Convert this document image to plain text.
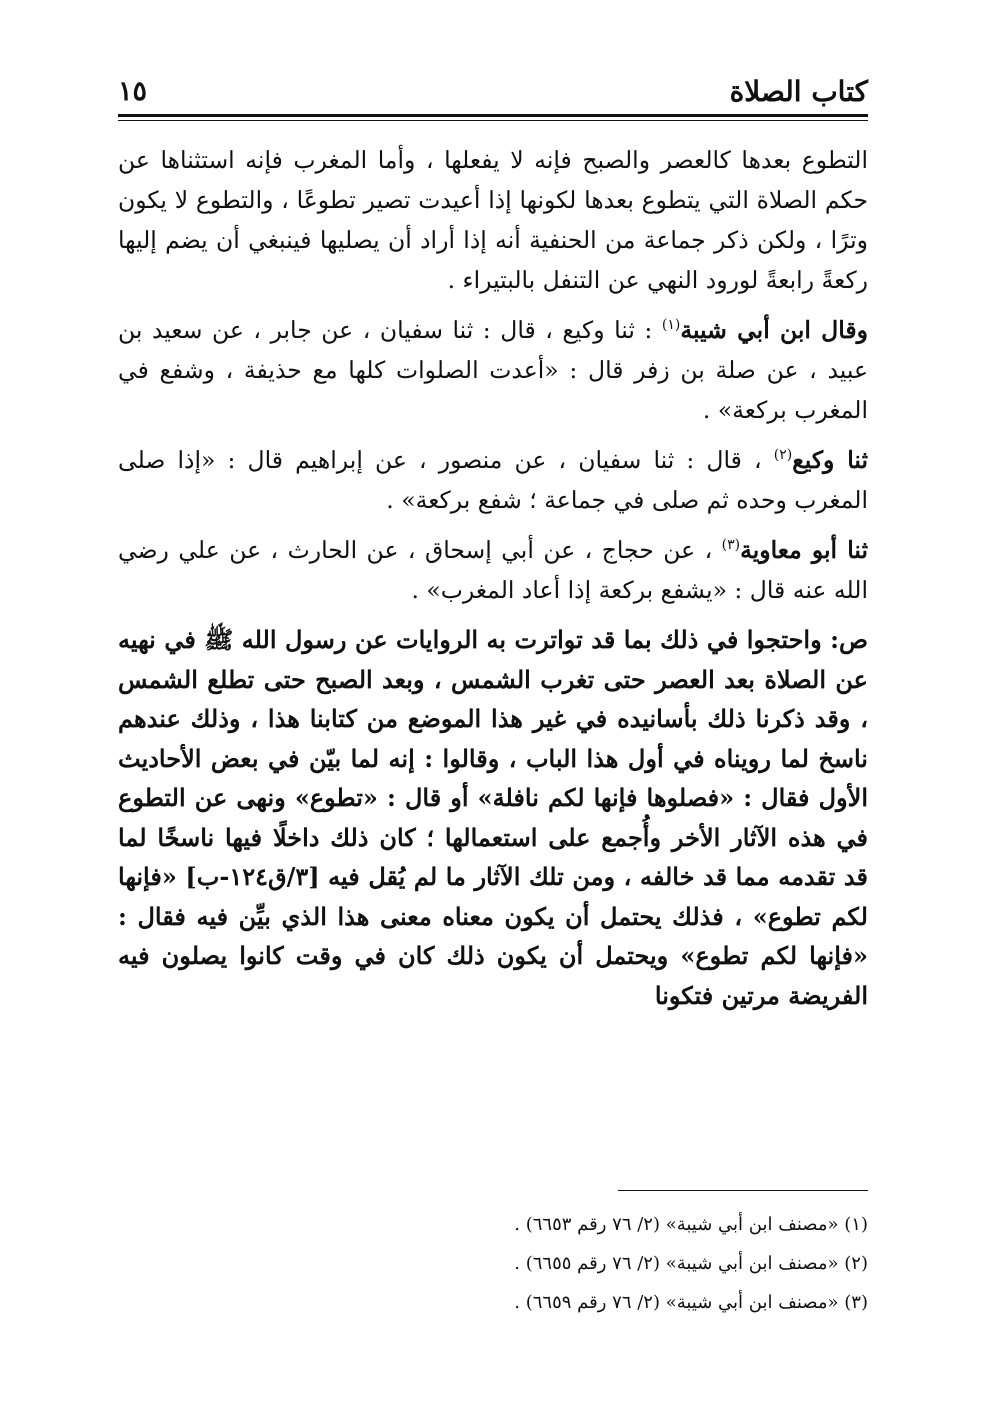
كتاب الصلاة
١٥

التطوع بعدها كالعصر والصبح فإنه لا يفعلها ، وأما المغرب فإنه استثناها عن حكم الصلاة التي يتطوع بعدها لكونها إذا أعيدت تصير تطوعًا ، والتطوع لا يكون وترًا ، ولكن ذكر جماعة من الحنفية أنه إذا أراد أن يصليها فينبغي أن يضم إليها ركعةً رابعةً لورود النهي عن التنفل بالبتيراء .

وقال ابن أبي شيبة$^{(١)}$ : ثنا وكيع ، قال : ثنا سفيان ، عن جابر ، عن سعيد بن عبيد ، عن صلة بن زفر قال : «أعدت الصلوات كلها مع حذيفة ، وشفع في المغرب بركعة» .

ثنا وكيع$^{(٢)}$ ، قال : ثنا سفيان ، عن منصور ، عن إبراهيم قال : «إذا صلى المغرب وحده ثم صلى في جماعة ؛ شفع بركعة» .

ثنا أبو معاوية$^{(٣)}$ ، عن حجاج ، عن أبي إسحاق ، عن الحارث ، عن علي رضي الله عنه قال : «يشفع بركعة إذا أعاد المغرب» .

ص: واحتجوا في ذلك بما قد تواترت به الروايات عن رسول الله ﷺ في نهيه عن الصلاة بعد العصر حتى تغرب الشمس ، وبعد الصبح حتى تطلع الشمس ، وقد ذكرنا ذلك بأسانيده في غير هذا الموضع من كتابنا هذا ، وذلك عندهم ناسخ لما رويناه في أول هذا الباب ، وقالوا : إنه لما بيّن في بعض الأحاديث الأول فقال : «فصلوها فإنها لكم نافلة» أو قال : «تطوع» ونهى عن التطوع في هذه الآثار الأخر وأُجمع على استعمالها ؛ كان ذلك داخلًا فيها ناسخًا لما قد تقدمه مما قد خالفه ، ومن تلك الآثار ما لم يُقل فيه [٣/ق١٢٤-ب] «فإنها لكم تطوع» ، فذلك يحتمل أن يكون معناه معنى هذا الذي بيِّن فيه فقال : «فإنها لكم تطوع» ويحتمل أن يكون ذلك كان في وقت كانوا يصلون فيه الفريضة مرتين فتكونا

(١) «مصنف ابن أبي شيبة» (٢/ ٧٦ رقم ٦٦٥٣) .
(٢) «مصنف ابن أبي شيبة» (٢/ ٧٦ رقم ٦٦٥٥) .
(٣) «مصنف ابن أبي شيبة» (٢/ ٧٦ رقم ٦٦٥٩) .
